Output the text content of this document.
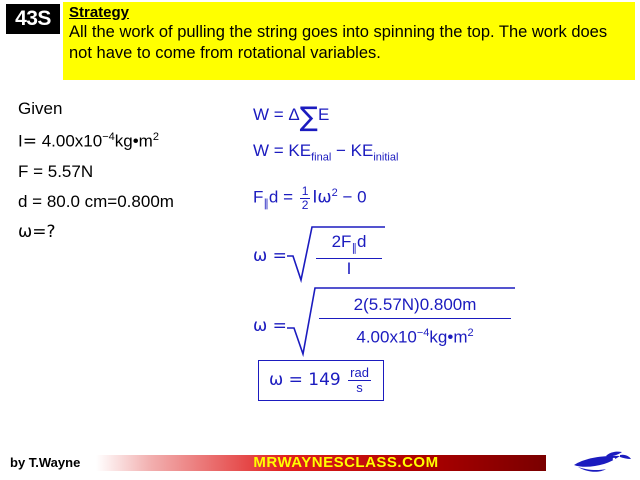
43S	Strategy
All the work of pulling the string goes into spinning the top. The work does not have to come from rotational variables.
Given
$I= 4.00x10^{-4}kg•m^2$
F = 5.57N
d = 80.0 cm=0.800m
ω=?
W = Δ∑E
$W = KE_{final} - KE_{initial}$
$F_\parallel d = \frac{1}{2} I\omega^2 - 0$
$\omega = \frac{2F_\parallel d}{I}$
$\omega = \frac{2(5.57N)0.800m}{4.00x10^{-4}kg•m^2}$
$\omega = 149 \frac{\text{rad}}{s}$
by T.Wayne	MRWAYNESCLASS.COM
